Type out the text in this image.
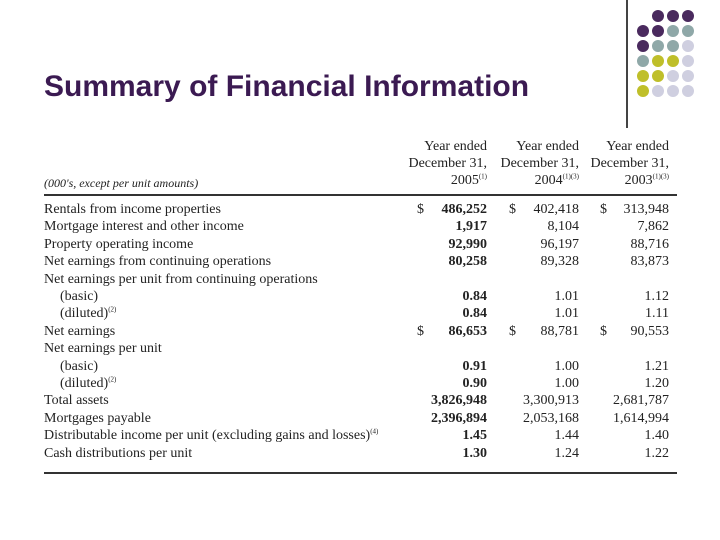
Summary of Financial Information
(000's, except per unit amounts)
Year ended
December 31,
2005$^{(1)}$
Year ended
December 31,
$2004^{(1)(3)}$
Year ended
December 31,
$2003^{(1)(3)}$
Rentals from income properties	$ 486,252 $ 402,418 $ 313,948
Mortgage interest and other income	1,917	8,104	7,862
Property operating income	92,990	96,197	88,716
Net earnings from continuing operations	80,258	89,328	83,873
Net earnings per unit from continuing operations
(basic)	0.84	1.01	1.12
(diluted)$^{(2)}$	0.84	1.01	1.11
Net earnings	$ 86,653 $ 88,781 $ 90,553
Net earnings per unit
(basic)	0.91	1.00	1.21
(diluted)$^{(2)}$	0.90	1.00	1.20
Total assets	3,826,948	3,300,913 2,681,787
Mortgages payable	2,396,894	2,053,168 1,614,994
Distributable income per unit (excluding gains and losses)$^{(4)}$	1.45	1.44	1.40
Cash distributions per unit	1.30	1.24	1.22
